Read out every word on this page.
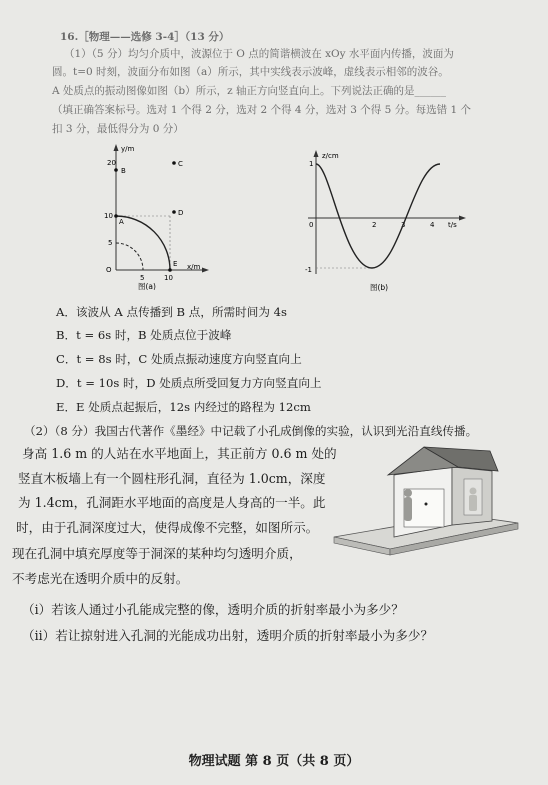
16.［物理——选修 3-4］（13 分）
（1）（5 分）均匀介质中，波源位于 O 点的简谐横波在 xOy 水平面内传播，波面为
圆。t=0 时刻，波面分布如图（a）所示，其中实线表示波峰，虚线表示相邻的波谷。
A 处质点的振动图像如图（b）所示，z 轴正方向竖直向上。下列说法正确的是______
（填正确答案标号。选对 1 个得 2 分，选对 2 个得 4 分，选对 3 个得 5 分。每选错 1 个
扣 3 分，最低得分为 0 分）
y/m
x/m
O
20
10
5
5	10
A
B
C
D
E
图(a)
z/cm
t/s
0
1
-1
2	3	4
图(b)
A．该波从 A 点传播到 B 点，所需时间为 4s
B．t = 6s 时，B 处质点位于波峰
C．t = 8s 时，C 处质点振动速度方向竖直向上
D．t = 10s 时，D 处质点所受回复力方向竖直向上
E．E 处质点起振后，12s 内经过的路程为 12cm
（2）（8 分）我国古代著作《墨经》中记载了小孔成倒像的实验，认识到光沿直线传播。
身高 1.6 m 的人站在水平地面上，其正前方 0.6 m 处的
竖直木板墙上有一个圆柱形孔洞，直径为 1.0cm，深度
为 1.4cm，孔洞距水平地面的高度是人身高的一半。此
时，由于孔洞深度过大，使得成像不完整，如图所示。
现在孔洞中填充厚度等于洞深的某种均匀透明介质，
不考虑光在透明介质中的反射。
（i）若该人通过小孔能成完整的像，透明介质的折射率最小为多少？
（ii）若让掠射进入孔洞的光能成功出射，透明介质的折射率最小为多少？
物理试题 第 8 页（共 8 页）
